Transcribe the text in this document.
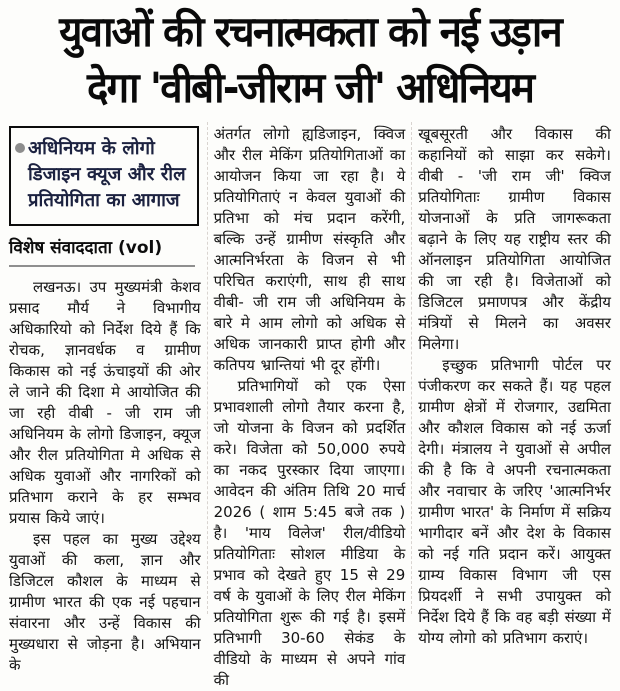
युवाओं की रचनात्मकता को नई उड़ान
देगा 'वीबी-जीराम जी' अधिनियम
अधिनियम के लोगो डिजाइन क्यूज और रील प्रतियोगिता का आगाज
विशेष संवाददाता (vol)

लखनऊ। उप मुख्यमंत्री केशव प्रसाद मौर्य ने विभागीय अधिकारियो को निर्देश दिये हैं कि रोचक, ज्ञानवर्धक व ग्रामीण किकास को नई ऊंचाइयों की ओर ले जाने की दिशा मे आयोजित की जा रही वीबी - जी राम जी अधिनियम के लोगो डिजाइन, क्यूज और रील प्रतियोगिता मे अधिक से अधिक युवाओं और नागरिकों को प्रतिभाग कराने के हर सम्भव प्रयास किये जाएं।

इस पहल का मुख्य उद्देश्य युवाओं की कला, ज्ञान और डिजिटल कौशल के माध्यम से ग्रामीण भारत की एक नई पहचान संवारना और उन्हें विकास की मुख्यधारा से जोड़ना है। अभियान के

अंतर्गत लोगो ह्यडिजाइन, क्विज और रील मेकिंग प्रतियोगिताओं का आयोजन किया जा रहा है। ये प्रतियोगिताएं न केवल युवाओं की प्रतिभा को मंच प्रदान करेंगी, बल्कि उन्हें ग्रामीण संस्कृति और आत्मनिर्भरता के विजन से भी परिचित कराएंगी, साथ ही साथ वीबी- जी राम जी अधिनियम के बारे मे आम लोगो को अधिक से अधिक जानकारी प्राप्त होगी और कतिपय भ्रान्तियां भी दूर होंगी।

प्रतिभागियों को एक ऐसा प्रभावशाली लोगो तैयार करना है, जो योजना के विजन को प्रदर्शित करे। विजेता को 50,000 रुपये का नकद पुरस्कार दिया जाएगा। आवेदन की अंतिम तिथि 20 मार्च 2026 ( शाम 5:45 बजे तक ) है। 'माय विलेज' रील/वीडियो प्रतियोगिताः सोशल मीडिया के प्रभाव को देखते हुए 15 से 29 वर्ष के युवाओं के लिए रील मेकिंग प्रतियोगिता शुरू की गई है। इसमें प्रतिभागी 30-60 सेकंड के वीडियो के माध्यम से अपने गांव की

खूबसूरती और विकास की कहानियों को साझा कर सकेगे। वीबी - 'जी राम जी' क्विज प्रतियोगिताः ग्रामीण विकास योजनाओं के प्रति जागरूकता बढ़ाने के लिए यह राष्ट्रीय स्तर की ऑनलाइन प्रतियोगिता आयोजित की जा रही है। विजेताओं को डिजिटल प्रमाणपत्र और केंद्रीय मंत्रियों से मिलने का अवसर मिलेगा।

इच्छुक प्रतिभागी पोर्टल पर पंजीकरण कर सकते हैं। यह पहल ग्रामीण क्षेत्रों में रोजगार, उद्यमिता और कौशल विकास को नई ऊर्जा देगी। मंत्रालय ने युवाओं से अपील की है कि वे अपनी रचनात्मकता और नवाचार के जरिए 'आत्मनिर्भर ग्रामीण भारत' के निर्माण में सक्रिय भागीदार बनें और देश के विकास को नई गति प्रदान करें। आयुक्त ग्राम्य विकास विभाग जी एस प्रियदर्शी ने सभी उपायुक्त को निर्देश दिये हैं कि वह बड़ी संख्या में योग्य लोगो को प्रतिभाग कराएं।
